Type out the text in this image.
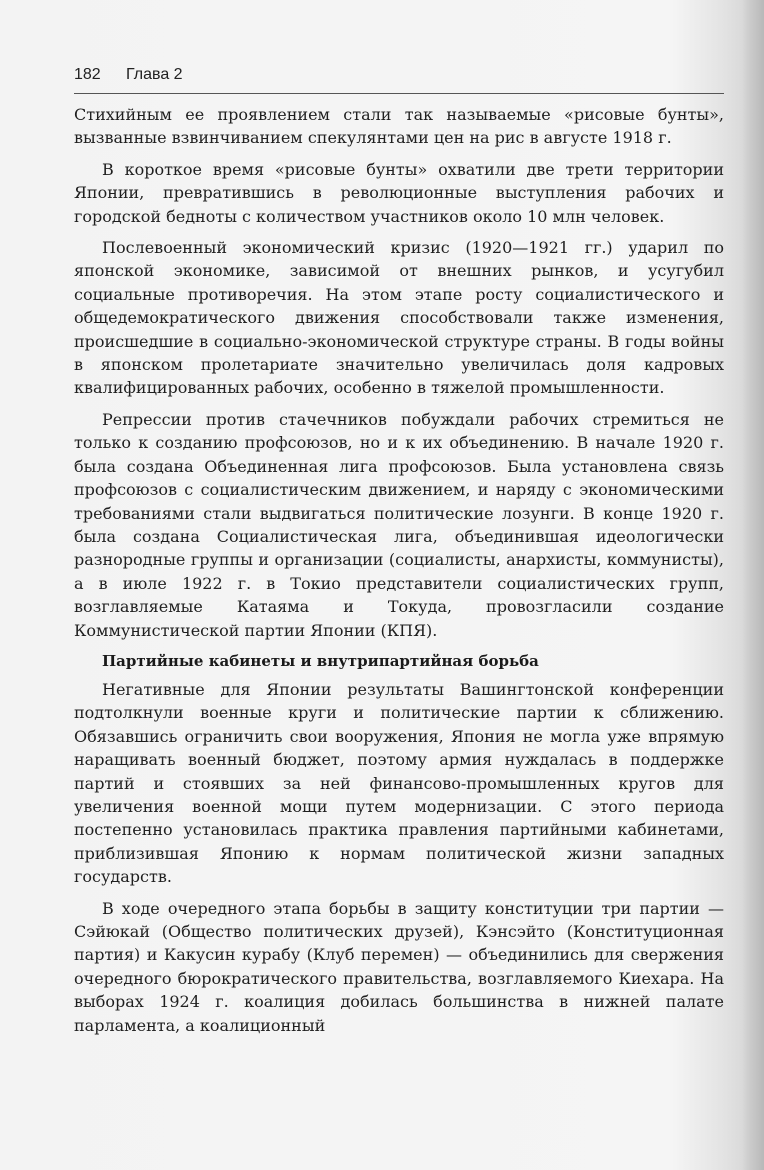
182 Глава 2

Стихийным ее проявлением стали так называемые «рисовые бунты», вызванные взвинчиванием спекулянтами цен на рис в августе 1918 г.

В короткое время «рисовые бунты» охватили две трети территории Японии, превратившись в революционные выступления рабочих и городской бедноты с количеством участников около 10 млн человек.

Послевоенный экономический кризис (1920—1921 гг.) ударил по японской экономике, зависимой от внешних рынков, и усугубил социальные противоречия. На этом этапе росту социалистического и общедемократического движения способствовали также изменения, происшедшие в социально-экономической структуре страны. В годы войны в японском пролетариате значительно увеличилась доля кадровых квалифицированных рабочих, особенно в тяжелой промышленности.

Репрессии против стачечников побуждали рабочих стремиться не только к созданию профсоюзов, но и к их объединению. В начале 1920 г. была создана Объединенная лига профсоюзов. Была установлена связь профсоюзов с социалистическим движением, и наряду с экономическими требованиями стали выдвигаться политические лозунги. В конце 1920 г. была создана Социалистическая лига, объединившая идеологически разнородные группы и организации (социалисты, анархисты, коммунисты), а в июле 1922 г. в Токио представители социалистических групп, возглавляемые Катаяма и Токуда, провозгласили создание Коммунистической партии Японии (КПЯ).

Партийные кабинеты и внутрипартийная борьба

Негативные для Японии результаты Вашингтонской конференции подтолкнули военные круги и политические партии к сближению. Обязавшись ограничить свои вооружения, Япония не могла уже впрямую наращивать военный бюджет, поэтому армия нуждалась в поддержке партий и стоявших за ней финансово-промышленных кругов для увеличения военной мощи путем модернизации. С этого периода постепенно установилась практика правления партийными кабинетами, приблизившая Японию к нормам политической жизни западных государств.

В ходе очередного этапа борьбы в защиту конституции три партии — Сэйюкай (Общество политических друзей), Кэнсэйто (Конституционная партия) и Какусин курабу (Клуб перемен) — объединились для свержения очередного бюрократического правительства, возглавляемого Киехара. На выборах 1924 г. коалиция добилась большинства в нижней палате парламента, а коалиционный
